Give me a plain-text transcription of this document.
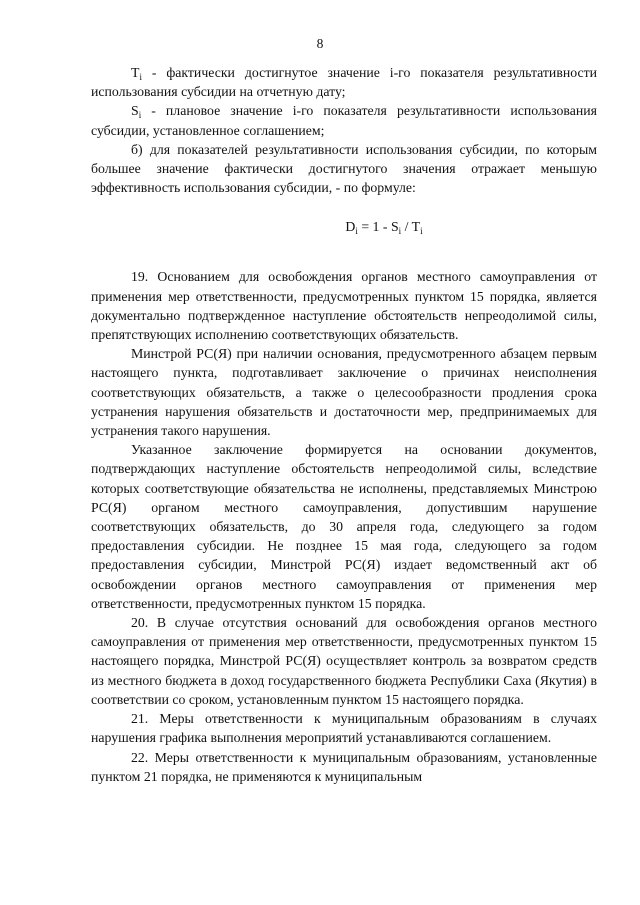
8

$T_i$ - фактически достигнутое значение i-го показателя результативности использования субсидии на отчетную дату;

$S_i$ - плановое значение i-го показателя результативности использования субсидии, установленное соглашением;

б) для показателей результативности использования субсидии, по которым большее значение фактически достигнутого значения отражает меньшую эффективность использования субсидии, - по формуле:

$D_i = 1 - S_i / T_i$

19. Основанием для освобождения органов местного самоуправления от применения мер ответственности, предусмотренных пунктом 15 порядка, является документально подтвержденное наступление обстоятельств непреодолимой силы, препятствующих исполнению соответствующих обязательств.

Минстрой РС(Я) при наличии основания, предусмотренного абзацем первым настоящего пункта, подготавливает заключение о причинах неисполнения соответствующих обязательств, а также о целесообразности продления срока устранения нарушения обязательств и достаточности мер, предпринимаемых для устранения такого нарушения.

Указанное заключение формируется на основании документов, подтверждающих наступление обстоятельств непреодолимой силы, вследствие которых соответствующие обязательства не исполнены, представляемых Минстрою РС(Я) органом местного самоуправления, допустившим нарушение соответствующих обязательств, до 30 апреля года, следующего за годом предоставления субсидии. Не позднее 15 мая года, следующего за годом предоставления субсидии, Минстрой РС(Я) издает ведомственный акт об освобождении органов местного самоуправления от применения мер ответственности, предусмотренных пунктом 15 порядка.

20. В случае отсутствия оснований для освобождения органов местного самоуправления от применения мер ответственности, предусмотренных пунктом 15 настоящего порядка, Минстрой РС(Я) осуществляет контроль за возвратом средств из местного бюджета в доход государственного бюджета Республики Саха (Якутия) в соответствии со сроком, установленным пунктом 15 настоящего порядка.

21. Меры ответственности к муниципальным образованиям в случаях нарушения графика выполнения мероприятий устанавливаются соглашением.

22. Меры ответственности к муниципальным образованиям, установленные пунктом 21 порядка, не применяются к муниципальным
